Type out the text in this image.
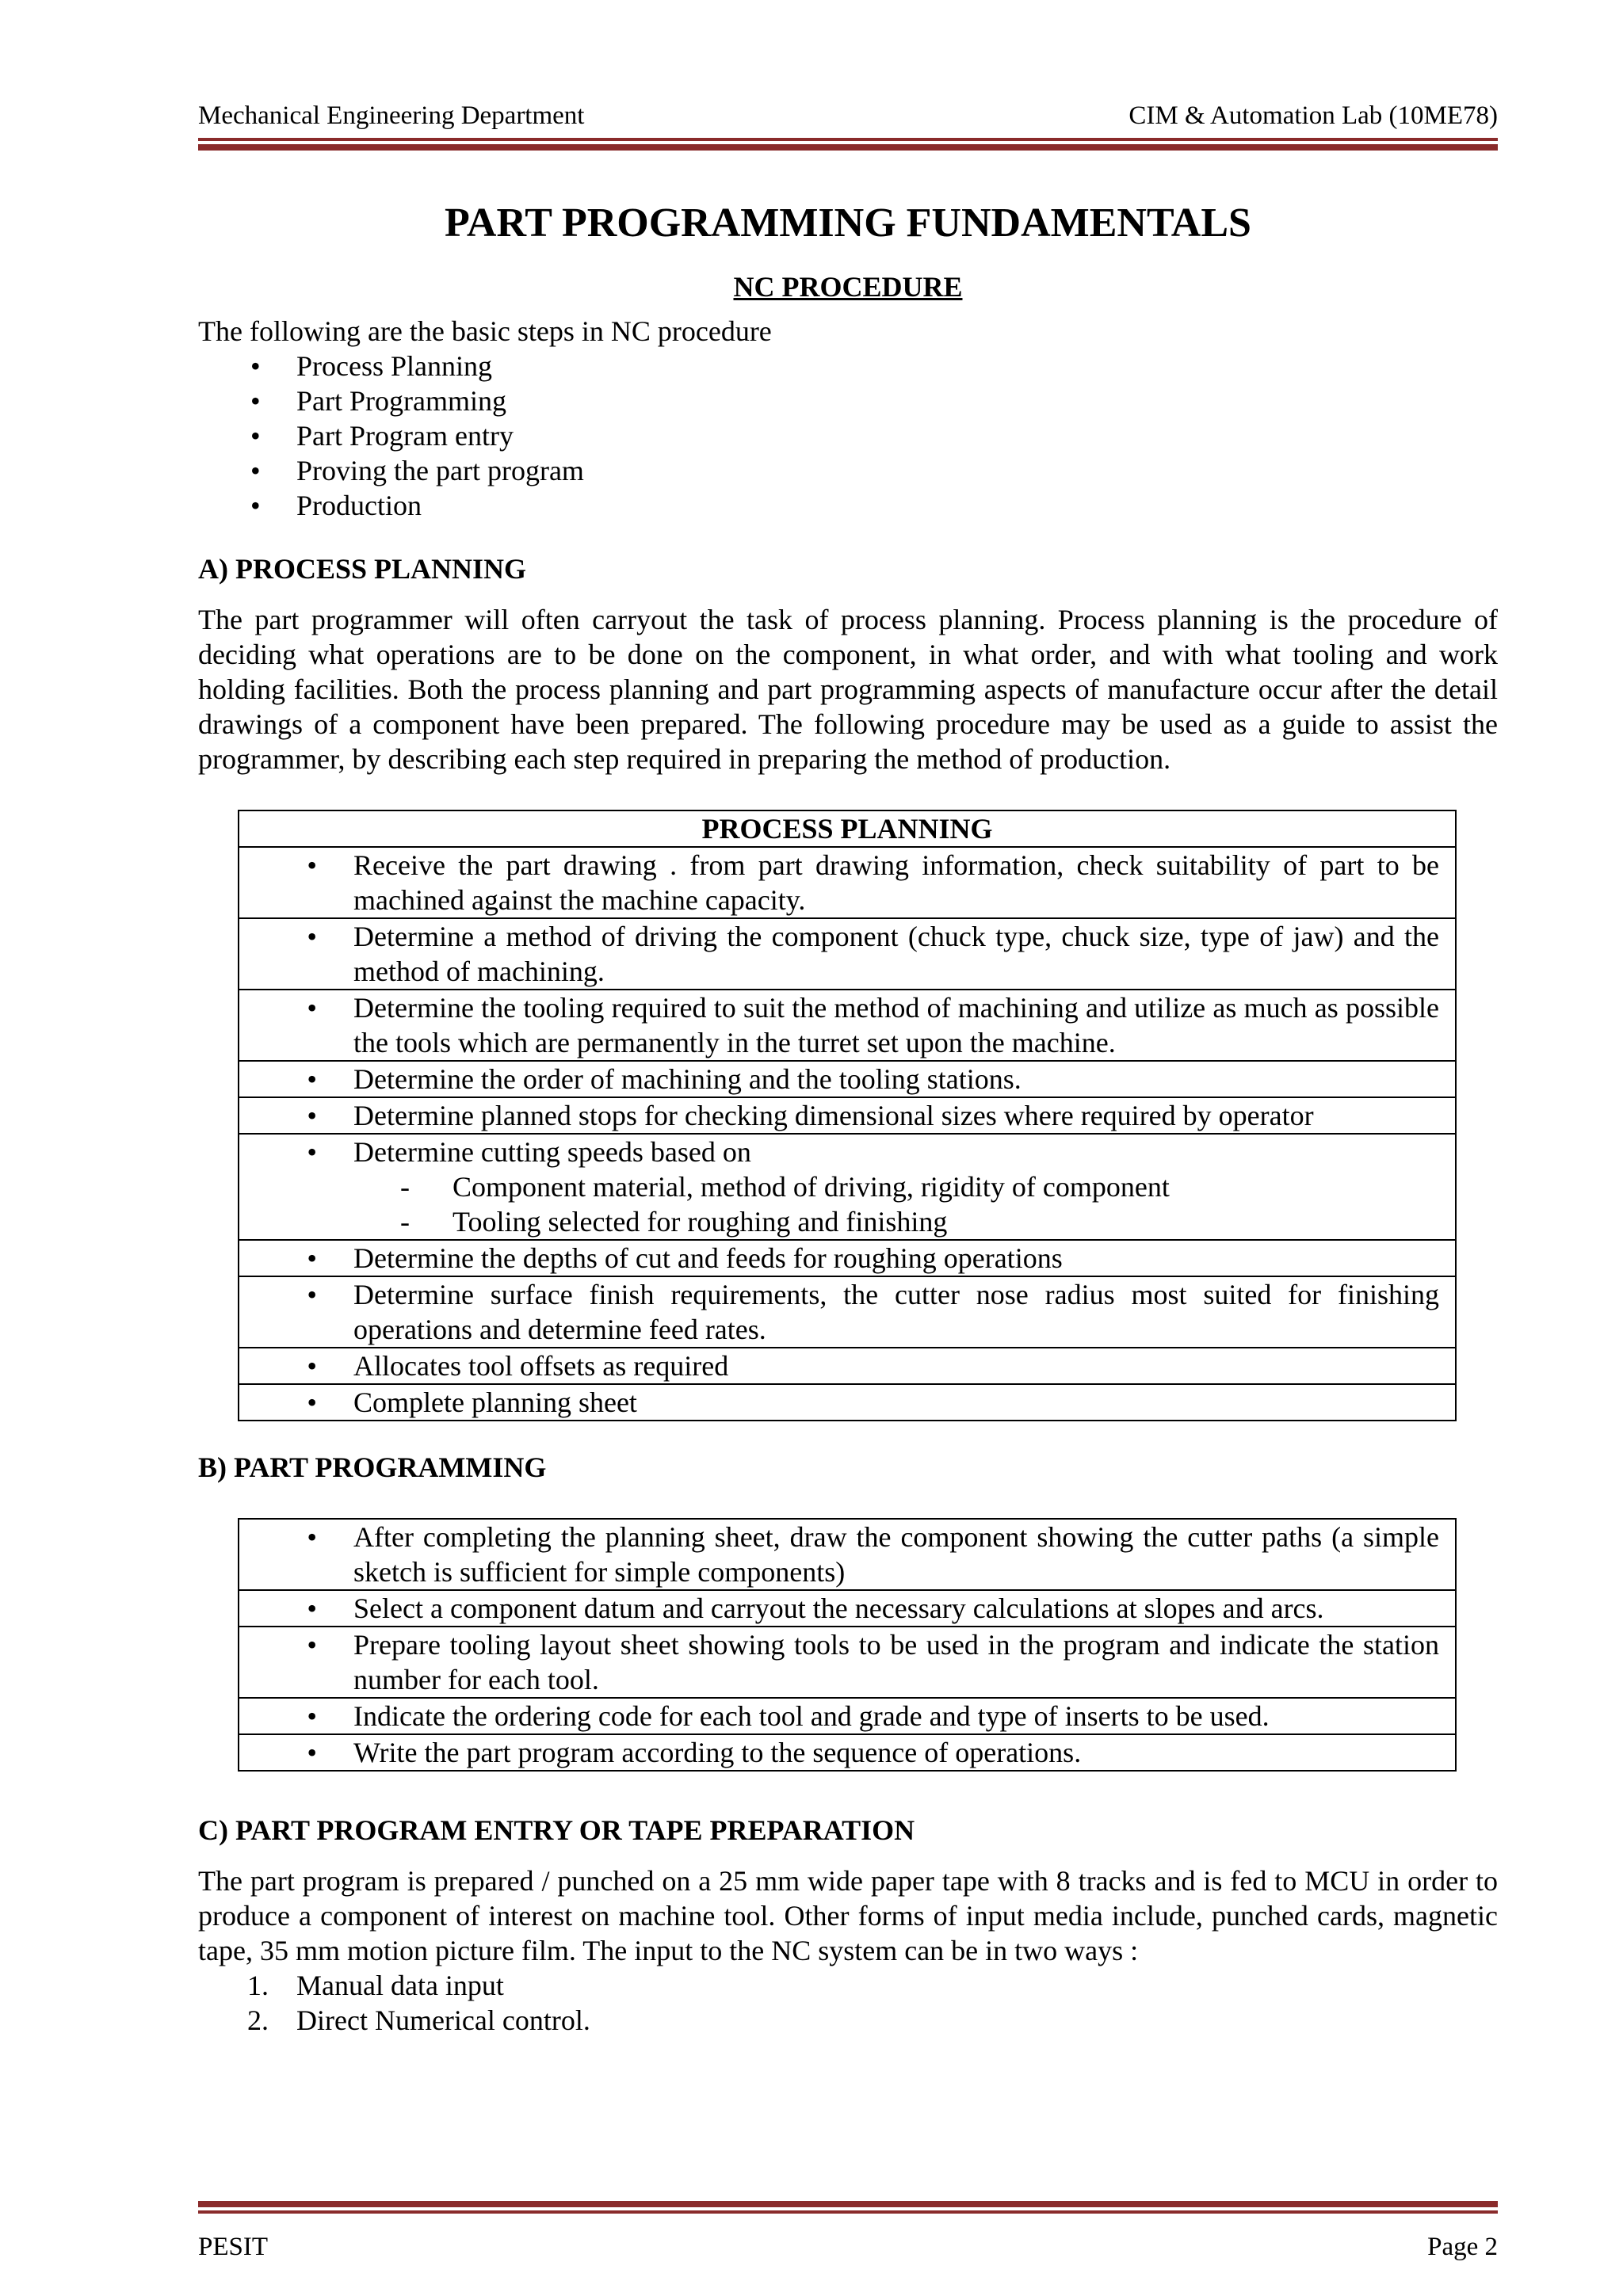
Mechanical Engineering Department	CIM & Automation Lab (10ME78)
PART PROGRAMMING FUNDAMENTALS
NC PROCEDURE

The following are the basic steps in NC procedure

• Process Planning
• Part Programming
• Part Program entry
• Proving the part program
• Production
A) PROCESS PLANNING

The part programmer will often carryout the task of process planning. Process planning is the procedure of deciding what operations are to be done on the component, in what order, and with what tooling and work holding facilities. Both the process planning and part programming aspects of manufacture occur after the detail drawings of a component have been prepared. The following procedure may be used as a guide to assist the programmer, by describing each step required in preparing the method of production.

PROCESS PLANNING

•	Receive the part drawing . from part drawing information, check suitability of part to be machined against the machine capacity.

•	Determine a method of driving the component (chuck type, chuck size, type of jaw) and the method of machining.

•	Determine the tooling required to suit the method of machining and utilize as much as possible the tools which are permanently in the turret set upon the machine.

•	Determine the order of machining and the tooling stations.

•	Determine planned stops for checking dimensional sizes where required by operator

•	Determine cutting speeds based on
-	Component material, method of driving, rigidity of component
-	Tooling selected for roughing and finishing

•	Determine the depths of cut and feeds for roughing operations

•	Determine surface finish requirements, the cutter nose radius most suited for finishing operations and determine feed rates.

•	Allocates tool offsets as required

•	Complete planning sheet
B) PART PROGRAMMING
•	After completing the planning sheet, draw the component showing the cutter paths (a simple sketch is sufficient for simple components)

•	Select a component datum and carryout the necessary calculations at slopes and arcs.

•	Prepare tooling layout sheet showing tools to be used in the program and indicate the station number for each tool.

•	Indicate the ordering code for each tool and grade and type of inserts to be used.

•	Write the part program according to the sequence of operations.
C) PART PROGRAM ENTRY OR TAPE PREPARATION

The part program is prepared / punched on a 25 mm wide paper tape with 8 tracks and is fed to MCU in order to produce a component of interest on machine tool. Other forms of input media include, punched cards, magnetic tape, 35 mm motion picture film. The input to the NC system can be in two ways :

1. Manual data input
2. Direct Numerical control.
PESIT	Page 2
